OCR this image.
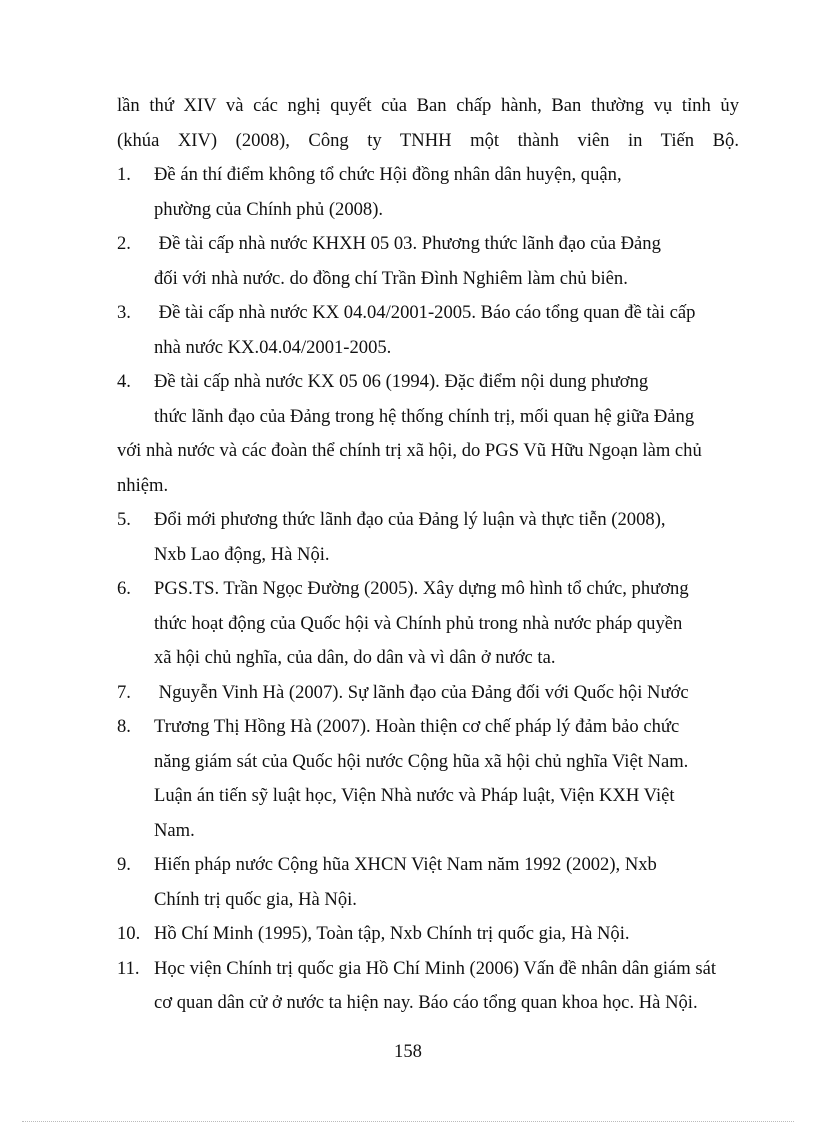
lần thứ XIV và các nghị quyết của Ban chấp hành, Ban thường vụ tỉnh ủy
(khúa XIV) (2008), Công ty TNHH một thành viên in Tiến Bộ.
1. Đề án thí điểm không tổ chức Hội đồng nhân dân huyện, quận,
phường của Chính phủ (2008).
2. Đề tài cấp nhà nước KHXH 05 03. Phương thức lãnh đạo của Đảng
đối với nhà nước. do đồng chí Trần Đình Nghiêm làm chủ biên.
3. Đề tài cấp nhà nước KX 04.04/2001-2005. Báo cáo tổng quan đề tài cấp
nhà nước KX.04.04/2001-2005.
4. Đề tài cấp nhà nước KX 05 06 (1994). Đặc điểm nội dung phương
thức lãnh đạo của Đảng trong hệ thống chính trị, mối quan hệ giữa Đảng
với nhà nước và các đoàn thể chính trị xã hội, do PGS Vũ Hữu Ngoạn làm chủ
nhiệm.
5. Đổi mới phương thức lãnh đạo của Đảng lý luận và thực tiễn (2008),
Nxb Lao động, Hà Nội.
6. PGS.TS. Trần Ngọc Đường (2005). Xây dựng mô hình tổ chức, phương
thức hoạt động của Quốc hội và Chính phủ trong nhà nước pháp quyền
xã hội chủ nghĩa, của dân, do dân và vì dân ở nước ta.
7. Nguyễn Vinh Hà (2007). Sự lãnh đạo của Đảng đối với Quốc hội Nước
8. Trương Thị Hồng Hà (2007). Hoàn thiện cơ chế pháp lý đảm bảo chức
năng giám sát của Quốc hội nước Cộng hũa xã hội chủ nghĩa Việt Nam.
Luận án tiến sỹ luật học, Viện Nhà nước và Pháp luật, Viện KXH Việt
Nam.
9. Hiến pháp nước Cộng hũa XHCN Việt Nam năm 1992 (2002), Nxb
Chính trị quốc gia, Hà Nội.
10. Hồ Chí Minh (1995), Toàn tập, Nxb Chính trị quốc gia, Hà Nội.
11. Học viện Chính trị quốc gia Hồ Chí Minh (2006) Vấn đề nhân dân giám sát
cơ quan dân cử ở nước ta hiện nay. Báo cáo tổng quan khoa học. Hà Nội.
158
